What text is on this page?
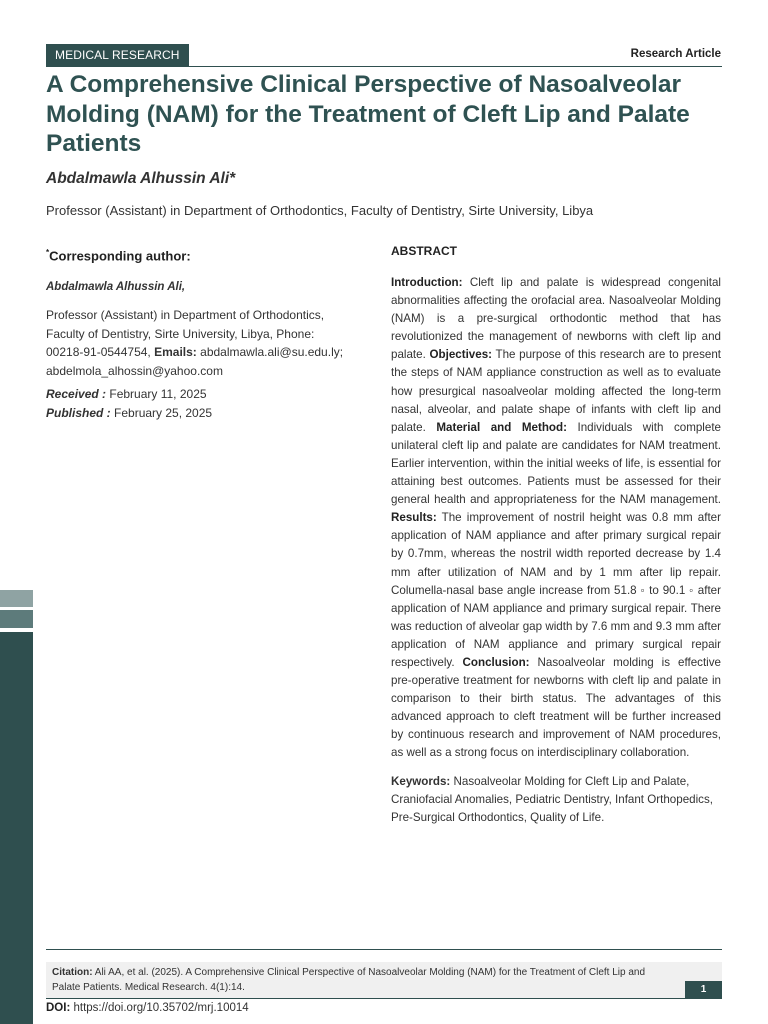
MEDICAL RESEARCH	Research Article
A Comprehensive Clinical Perspective of Nasoalveolar Molding (NAM) for the Treatment of Cleft Lip and Palate Patients
Abdalmawla Alhussin Ali*
Professor (Assistant) in Department of Orthodontics, Faculty of Dentistry, Sirte University, Libya
*Corresponding author:
Abdalmawla Alhussin Ali,
Professor (Assistant) in Department of Orthodontics, Faculty of Dentistry, Sirte University, Libya, Phone: 00218-91-0544754, Emails: abdalmawla.ali@su.edu.ly; abdelmola_alhossin@yahoo.com
Received : February 11, 2025
Published : February 25, 2025
ABSTRACT

Introduction: Cleft lip and palate is widespread congenital abnormalities affecting the orofacial area. Nasoalveolar Molding (NAM) is a pre-surgical orthodontic method that has revolutionized the management of newborns with cleft lip and palate. Objectives: The purpose of this research are to present the steps of NAM appliance construction as well as to evaluate how presurgical nasoalveolar molding affected the long-term nasal, alveolar, and palate shape of infants with cleft lip and palate. Material and Method: Individuals with complete unilateral cleft lip and palate are candidates for NAM treatment. Earlier intervention, within the initial weeks of life, is essential for attaining best outcomes. Patients must be assessed for their general health and appropriateness for the NAM management. Results: The improvement of nostril height was 0.8 mm after application of NAM appliance and after primary surgical repair by 0.7mm, whereas the nostril width reported decrease by 1.4 mm after utilization of NAM and by 1 mm after lip repair. Columella-nasal base angle increase from 51.8 ◦ to 90.1 ◦ after application of NAM appliance and primary surgical repair. There was reduction of alveolar gap width by 7.6 mm and 9.3 mm after application of NAM appliance and primary surgical repair respectively. Conclusion: Nasoalveolar molding is effective pre-operative treatment for newborns with cleft lip and palate in comparison to their birth status. The advantages of this advanced approach to cleft treatment will be further increased by continuous research and improvement of NAM procedures, as well as a strong focus on interdisciplinary collaboration.

Keywords: Nasoalveolar Molding for Cleft Lip and Palate, Craniofacial Anomalies, Pediatric Dentistry, Infant Orthopedics, Pre-Surgical Orthodontics, Quality of Life.
Citation: Ali AA, et al. (2025). A Comprehensive Clinical Perspective of Nasoalveolar Molding (NAM) for the Treatment of Cleft Lip and Palate Patients. Medical Research. 4(1):14.	1
DOI: https://doi.org/10.35702/mrj.10014
